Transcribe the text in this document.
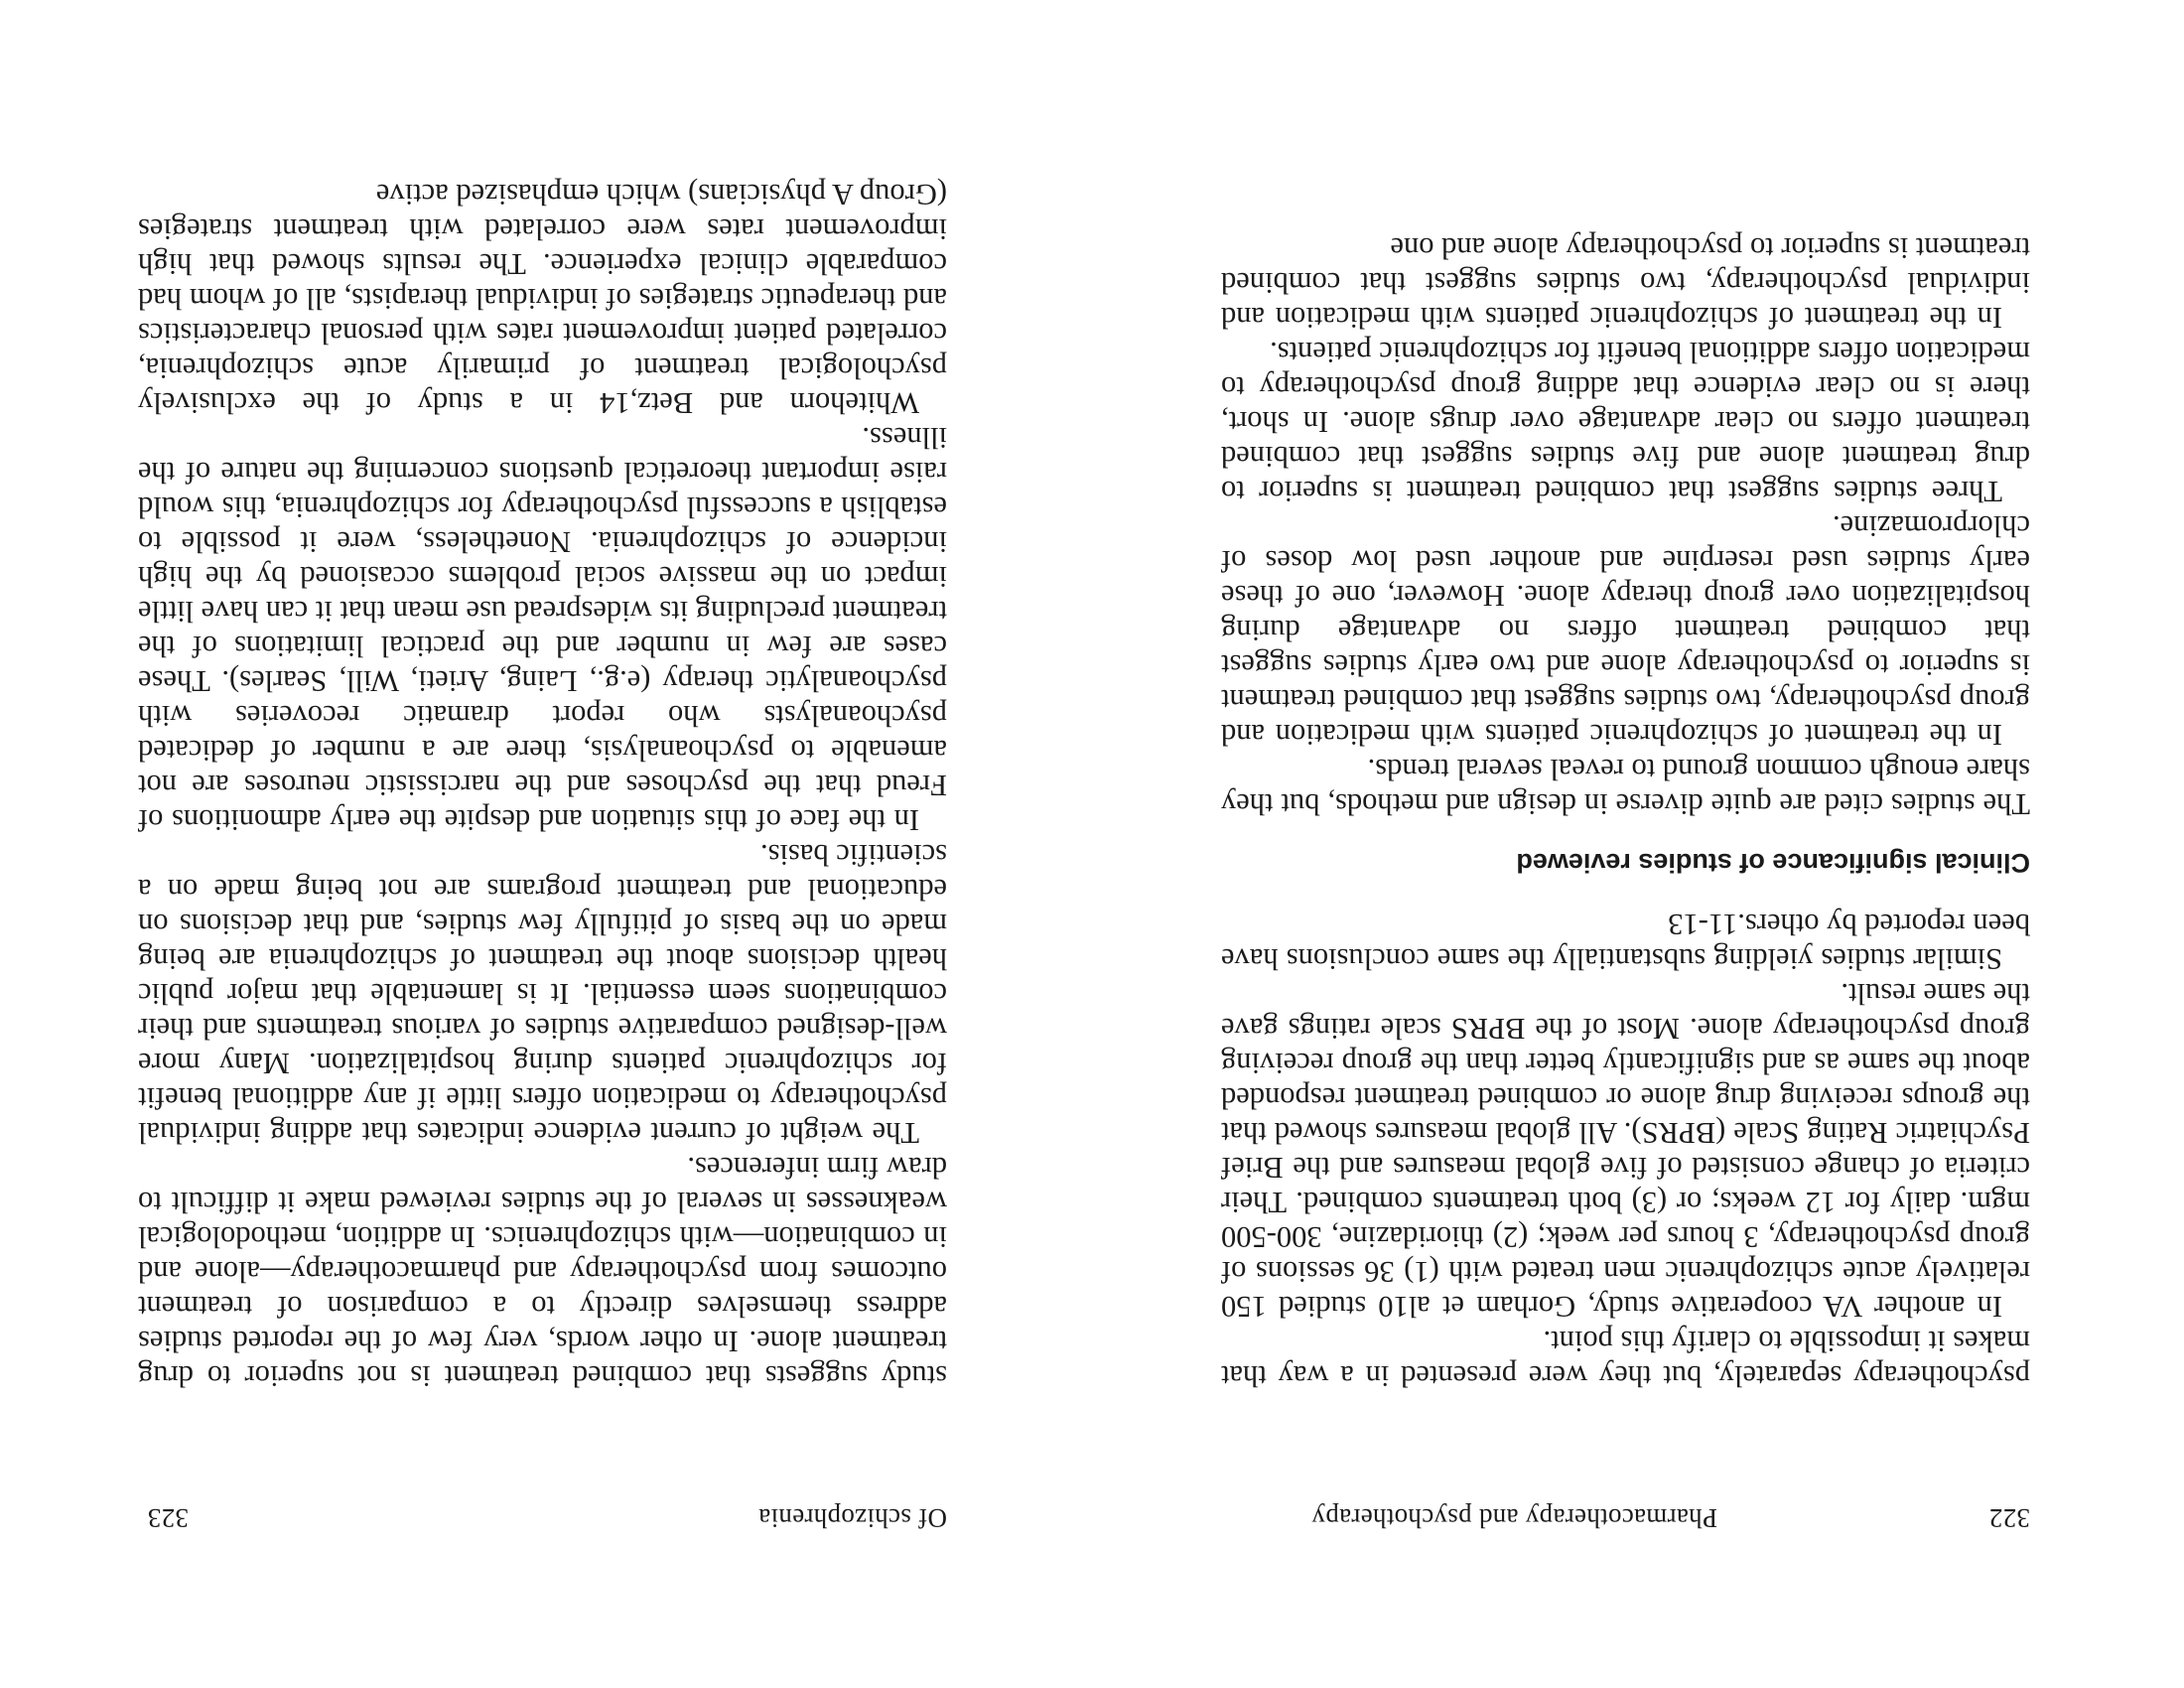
322
Pharmacotherapy and psychotherapy

psychotherapy separately, but they were presented in a way that makes it impossible to clarify this point.

In another VA cooperative study, Gorham et al10 studied 150 relatively acute schizophrenic men treated with (1) 36 sessions of group psychotherapy, 3 hours per week; (2) thioridazine, 300-500 mgm. daily for 12 weeks; or (3) both treatments combined. Their criteria of change consisted of five global measures and the Brief Psychiatric Rating Scale (BPRS). All global measures showed that the groups receiving drug alone or combined treatment responded about the same as and significantly better than the group receiving group psychotherapy alone. Most of the BPRS scale ratings gave the same result.

Similar studies yielding substantially the same conclusions have been reported by others.11-13

Clinical significance of studies reviewed

The studies cited are quite diverse in design and methods, but they share enough common ground to reveal several trends.

In the treatment of schizophrenic patients with medication and group psychotherapy, two studies suggest that combined treatment is superior to psychotherapy alone and two early studies suggest that combined treatment offers no advantage during hospitalization over group therapy alone. However, one of these early studies used reserpine and another used low doses of chlorpromazine.

Three studies suggest that combined treatment is superior to drug treatment alone and five studies suggest that combined treatment offers no clear advantage over drugs alone. In short, there is no clear evidence that adding group psychotherapy to medication offers additional benefit for schizophrenic patients.

In the treatment of schizophrenic patients with medication and individual psychotherapy, two studies suggest that combined treatment is superior to psychotherapy alone and one

Of schizophrenia
323

study suggests that combined treatment is not superior to drug treatment alone. In other words, very few of the reported studies address themselves directly to a comparison of treatment outcomes from psychotherapy and pharmacotherapy—alone and in combination—with schizophrenics. In addition, methodological weaknesses in several of the studies reviewed make it difficult to draw firm inferences.

The weight of current evidence indicates that adding individual psychotherapy to medication offers little if any additional benefit for schizophrenic patients during hospitalization. Many more well-designed comparative studies of various treatments and their combinations seem essential. It is lamentable that major public health decisions about the treatment of schizophrenia are being made on the basis of pitifully few studies, and that decisions on educational and treatment programs are not being made on a scientific basis.

In the face of this situation and despite the early admonitions of Freud that the psychoses and the narcissistic neuroses are not amenable to psychoanalysis, there are a number of dedicated psychoanalysts who report dramatic recoveries with psychoanalytic therapy (e.g., Laing, Arieti, Will, Searles). These cases are few in number and the practical limitations of the treatment precluding its widespread use mean that it can have little impact on the massive social problems occasioned by the high incidence of schizophrenia. Nonetheless, were it possible to establish a successful psychotherapy for schizophrenia, this would raise important theoretical questions concerning the nature of the illness.

Whitehorn and Betz,14 in a study of the exclusively psychological treatment of primarily acute schizophrenia, correlated patient improvement rates with personal characteristics and therapeutic strategies of individual therapists, all of whom had comparable clinical experience. The results showed that high improvement rates were correlated with treatment strategies (Group A physicians) which emphasized active
